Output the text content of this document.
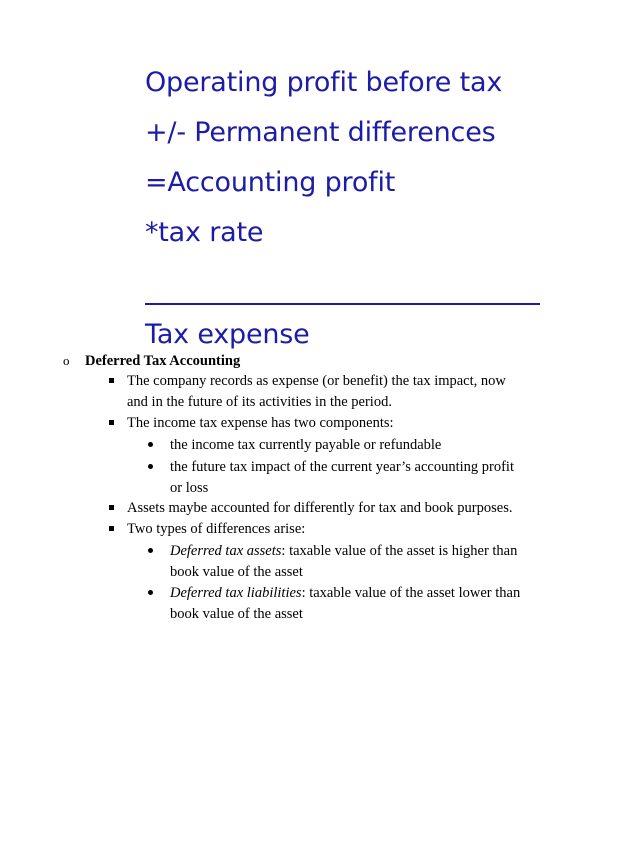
Operating profit before tax
+/- Permanent differences
=Accounting profit
*tax rate
Tax expense
o Deferred Tax Accounting
The company records as expense (or benefit) the tax impact, now
and in the future of its activities in the period.
The income tax expense has two components:
the income tax currently payable or refundable
the future tax impact of the current year’s accounting profit
or loss
Assets maybe accounted for differently for tax and book purposes.
Two types of differences arise:
Deferred tax assets: taxable value of the asset is higher than
book value of the asset
Deferred tax liabilities: taxable value of the asset lower than
book value of the asset
